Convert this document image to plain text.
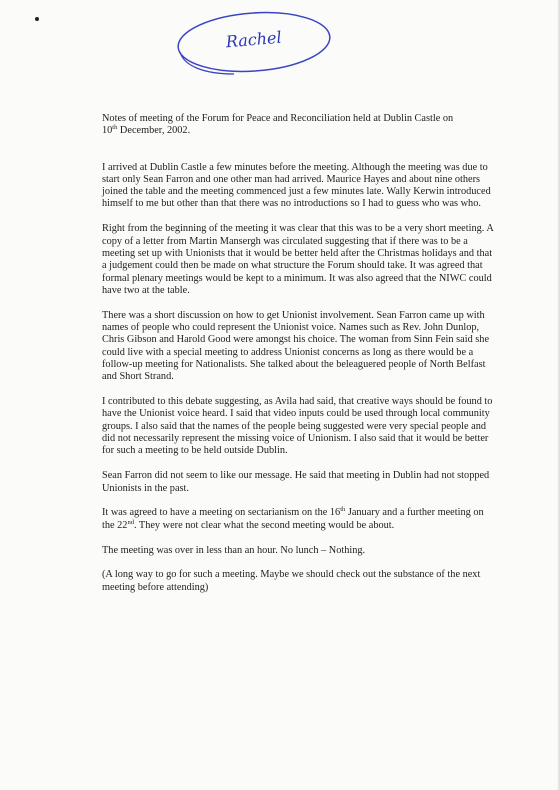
Rachel

Notes of meeting of the Forum for Peace and Reconciliation held at Dublin Castle on
10th December, 2002.

I arrived at Dublin Castle a few minutes before the meeting. Although the meeting was due to start only Sean Farron and one other man had arrived. Maurice Hayes and about nine others joined the table and the meeting commenced just a few minutes late. Wally Kerwin introduced himself to me but other than that there was no introductions so I had to guess who was who.

Right from the beginning of the meeting it was clear that this was to be a very short meeting. A copy of a letter from Martin Mansergh was circulated suggesting that if there was to be a meeting set up with Unionists that it would be better held after the Christmas holidays and that a judgement could then be made on what structure the Forum should take. It was agreed that formal plenary meetings would be kept to a minimum. It was also agreed that the NIWC could have two at the table.

There was a short discussion on how to get Unionist involvement. Sean Farron came up with names of people who could represent the Unionist voice. Names such as Rev. John Dunlop, Chris Gibson and Harold Good were amongst his choice. The woman from Sinn Fein said she could live with a special meeting to address Unionist concerns as long as there would be a follow-up meeting for Nationalists. She talked about the beleaguered people of North Belfast and Short Strand.

I contributed to this debate suggesting, as Avila had said, that creative ways should be found to have the Unionist voice heard. I said that video inputs could be used through local community groups. I also said that the names of the people being suggested were very special people and did not necessarily represent the missing voice of Unionism. I also said that it would be better for such a meeting to be held outside Dublin.

Sean Farron did not seem to like our message. He said that meeting in Dublin had not stopped Unionists in the past.

It was agreed to have a meeting on sectarianism on the 16th January and a further meeting on the 22nd. They were not clear what the second meeting would be about.

The meeting was over in less than an hour. No lunch – Nothing.

(A long way to go for such a meeting. Maybe we should check out the substance of the next meeting before attending)
